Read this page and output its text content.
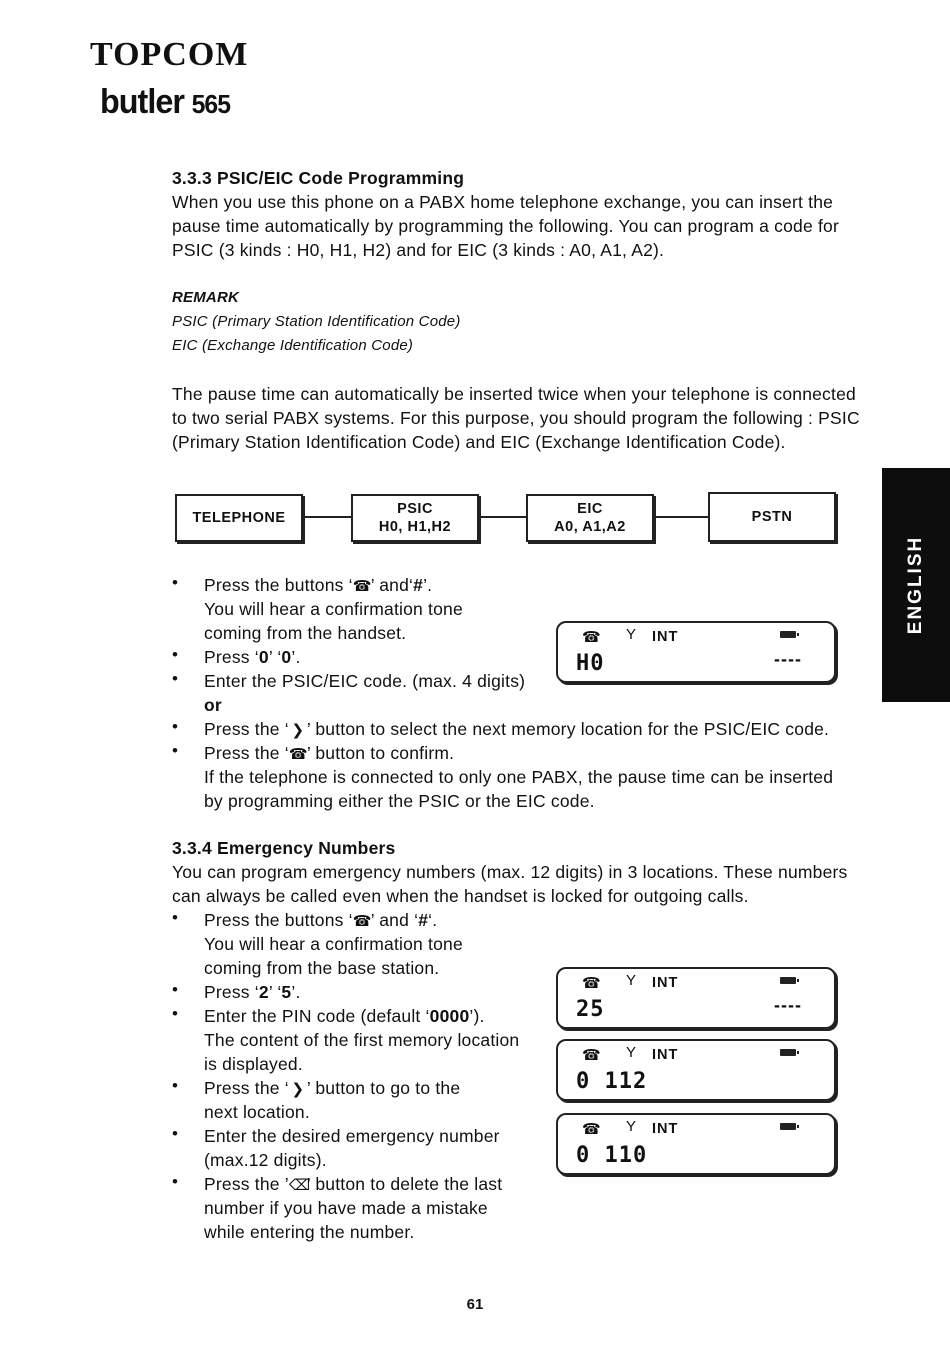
TOPCOM
butler 565
ENGLISH
3.3.3 PSIC/EIC Code Programming
When you use this phone on a PABX home telephone exchange, you can insert the
pause time automatically by programming the following. You can program a code for
PSIC (3 kinds : H0, H1, H2) and for EIC (3 kinds : A0, A1, A2).
REMARK
PSIC (Primary Station Identification Code)
EIC (Exchange Identification Code)
The pause time can automatically be inserted twice when your telephone is connected
to two serial PABX systems. For this purpose, you should program the following : PSIC
(Primary Station Identification Code) and EIC (Exchange Identification Code).
TELEPHONE
PSIC
H0, H1,H2
EIC
A0, A1,A2
PSTN
• Press the buttons ‘☎’ and‘#’.
You will hear a confirmation tone
coming from the handset.
• Press ‘0’ ‘0’.
• Enter the PSIC/EIC code. (max. 4 digits)
or
• Press the ‘ ❯ ’ button to select the next memory location for the PSIC/EIC code.
• Press the ‘☎’ button to confirm.
If the telephone is connected to only one PABX, the pause time can be inserted
by programming either the PSIC or the EIC code.
☎ Y INT
H0	----
3.3.4 Emergency Numbers
You can program emergency numbers (max. 12 digits) in 3 locations. These numbers
can always be called even when the handset is locked for outgoing calls.
• Press the buttons ‘☎’ and ‘#‘.
You will hear a confirmation tone
coming from the base station.
• Press ‘2’ ‘5’.
• Enter the PIN code (default ‘0000’).
The content of the first memory location
is displayed.
• Press the ‘ ❯ ’ button to go to the
next location.
• Enter the desired emergency number
(max.12 digits).
• Press the ’⌫’ button to delete the last
number if you have made a mistake
while entering the number.
☎ Y INT
25	----
☎ Y INT
0 112
☎ Y INT
0 110
61
